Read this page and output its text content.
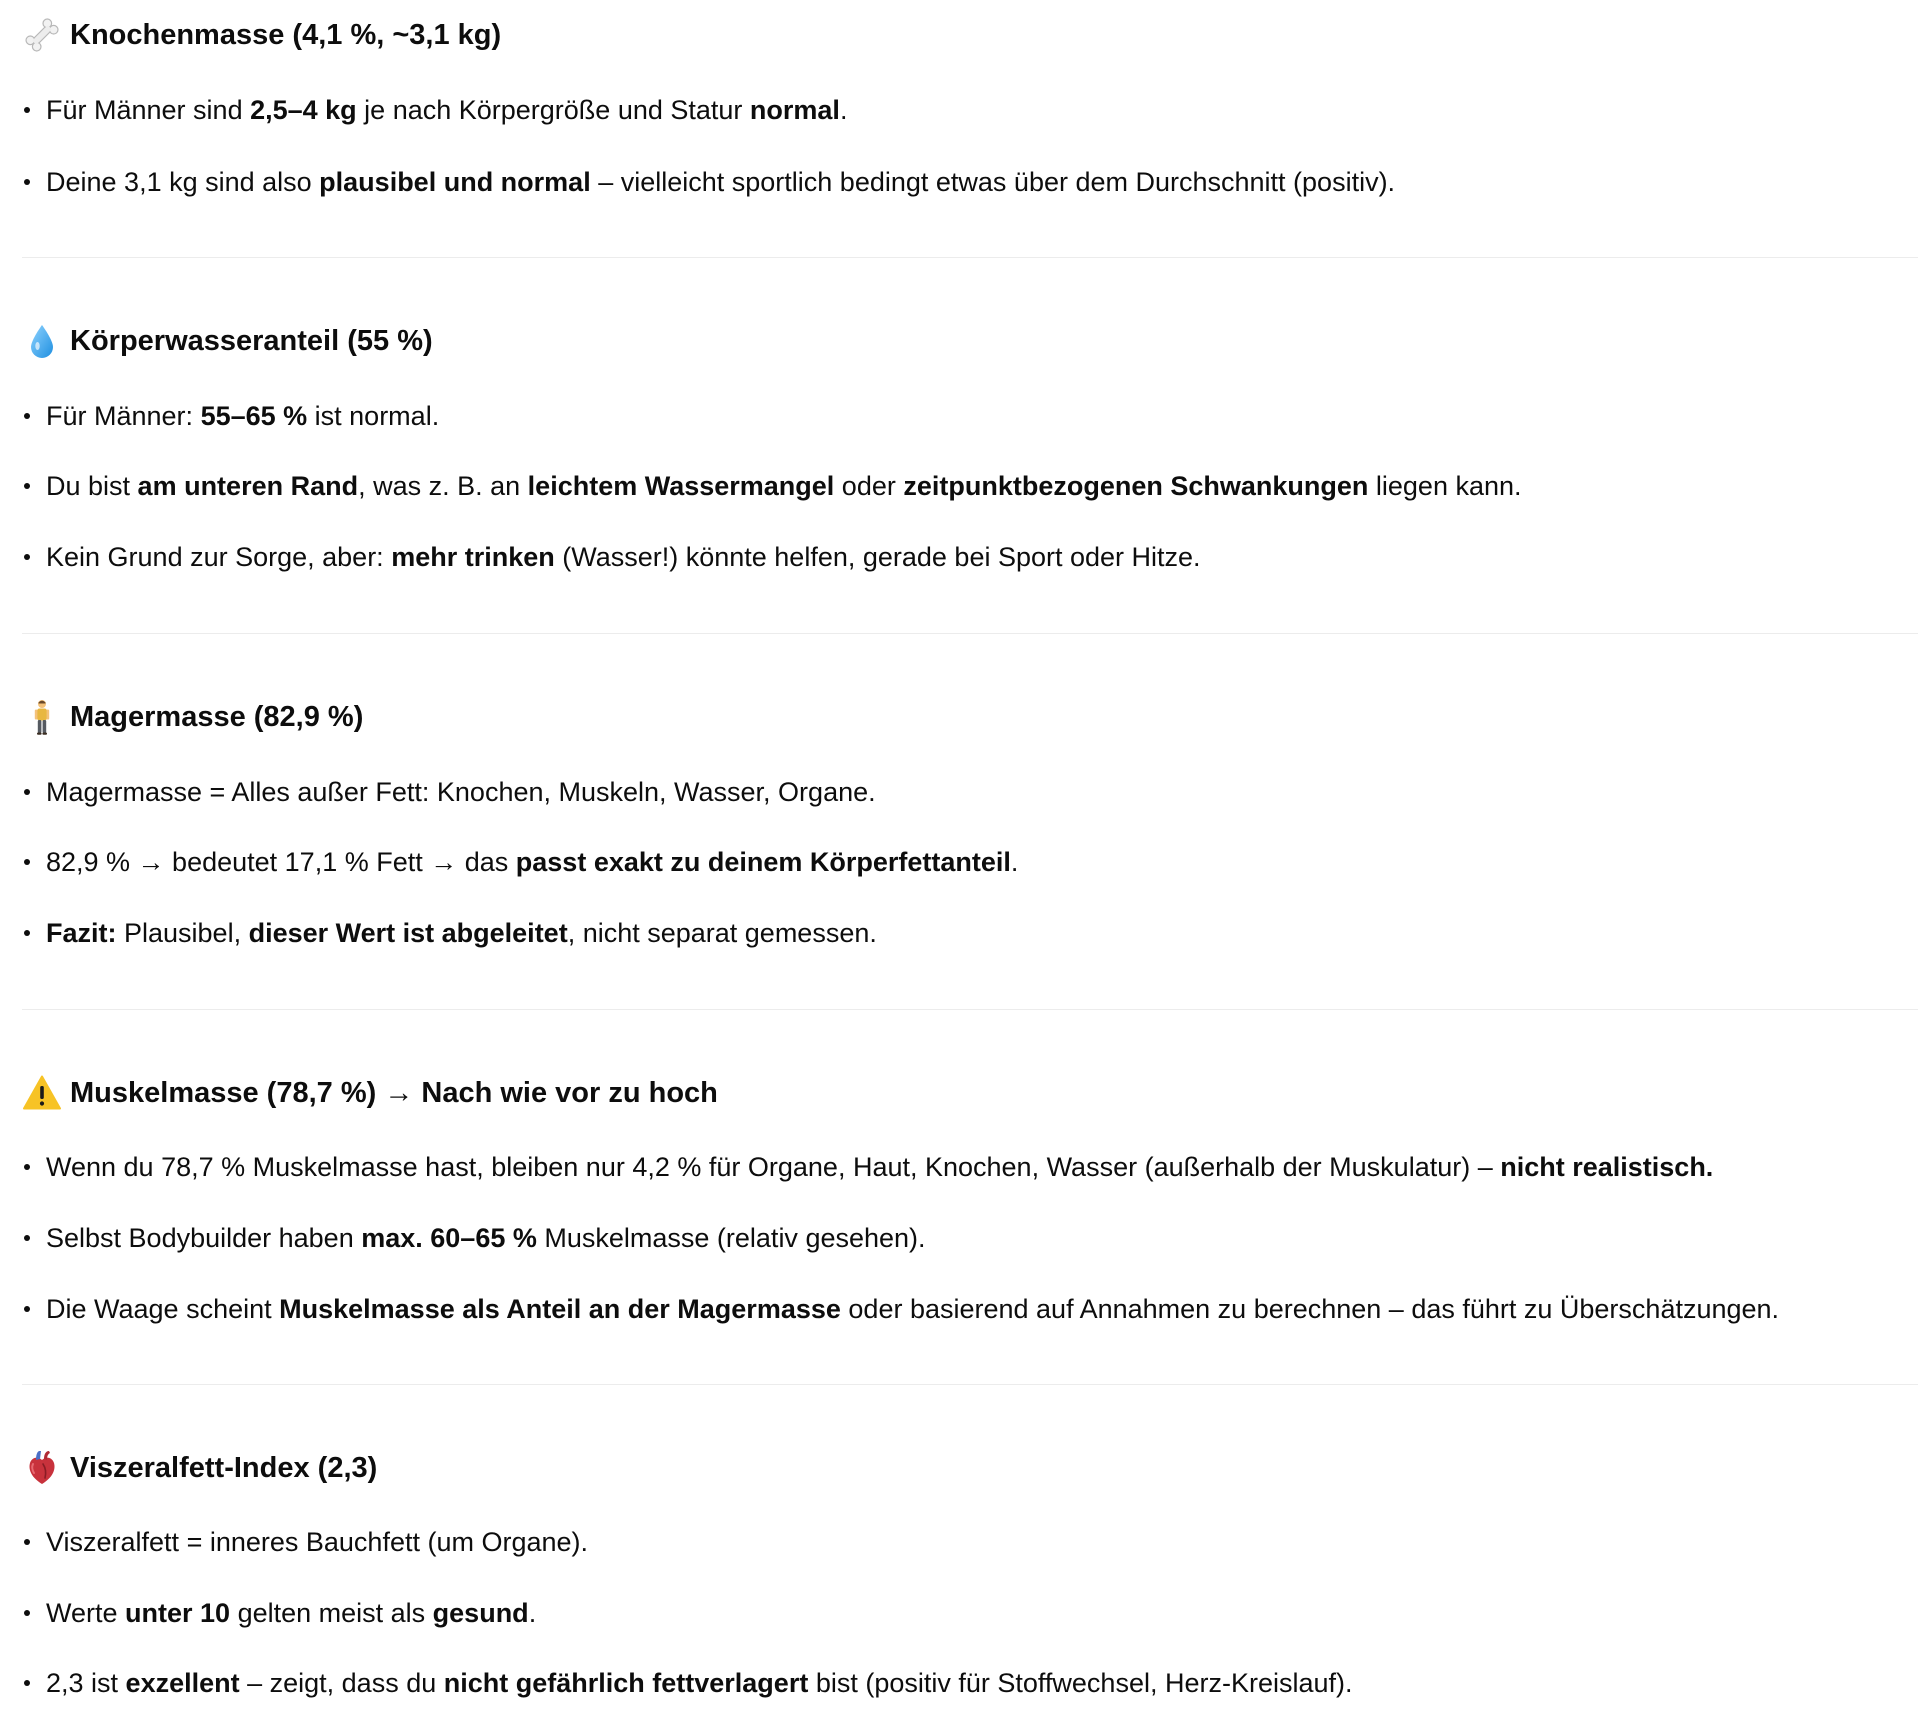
Knochenmasse (4,1 %, ~3,1 kg)
Für Männer sind 2,5–4 kg je nach Körpergröße und Statur normal .
Deine 3,1 kg sind also plausibel und normal – vielleicht sportlich bedingt etwas über dem Durchschnitt (positiv).
Körperwasseranteil (55 %)
Für Männer: 55–65 % ist normal.
Du bist am unteren Rand , was z. B. an leichtem Wassermangel oder zeitpunktbezogenen Schwankungen liegen kann.
Kein Grund zur Sorge, aber: mehr trinken (Wasser!) könnte helfen, gerade bei Sport oder Hitze.
Magermasse (82,9 %)
Magermasse = Alles außer Fett: Knochen, Muskeln, Wasser, Organe.
82,9 % → bedeutet 17,1 % Fett → das passt exakt zu deinem Körperfettanteil .
Fazit: Plausibel, dieser Wert ist abgeleitet , nicht separat gemessen.
Muskelmasse (78,7 %) → Nach wie vor zu hoch
Wenn du 78,7 % Muskelmasse hast, bleiben nur 4,2 % für Organe, Haut, Knochen, Wasser (außerhalb der Muskulatur) – nicht realistisch.
Selbst Bodybuilder haben max. 60–65 % Muskelmasse (relativ gesehen).
Die Waage scheint Muskelmasse als Anteil an der Magermasse oder basierend auf Annahmen zu berechnen – das führt zu Überschätzungen.
Viszeralfett-Index (2,3)
Viszeralfett = inneres Bauchfett (um Organe).
Werte unter 10 gelten meist als gesund .
2,3 ist exzellent – zeigt, dass du nicht gefährlich fettverlagert bist (positiv für Stoffwechsel, Herz-Kreislauf).
